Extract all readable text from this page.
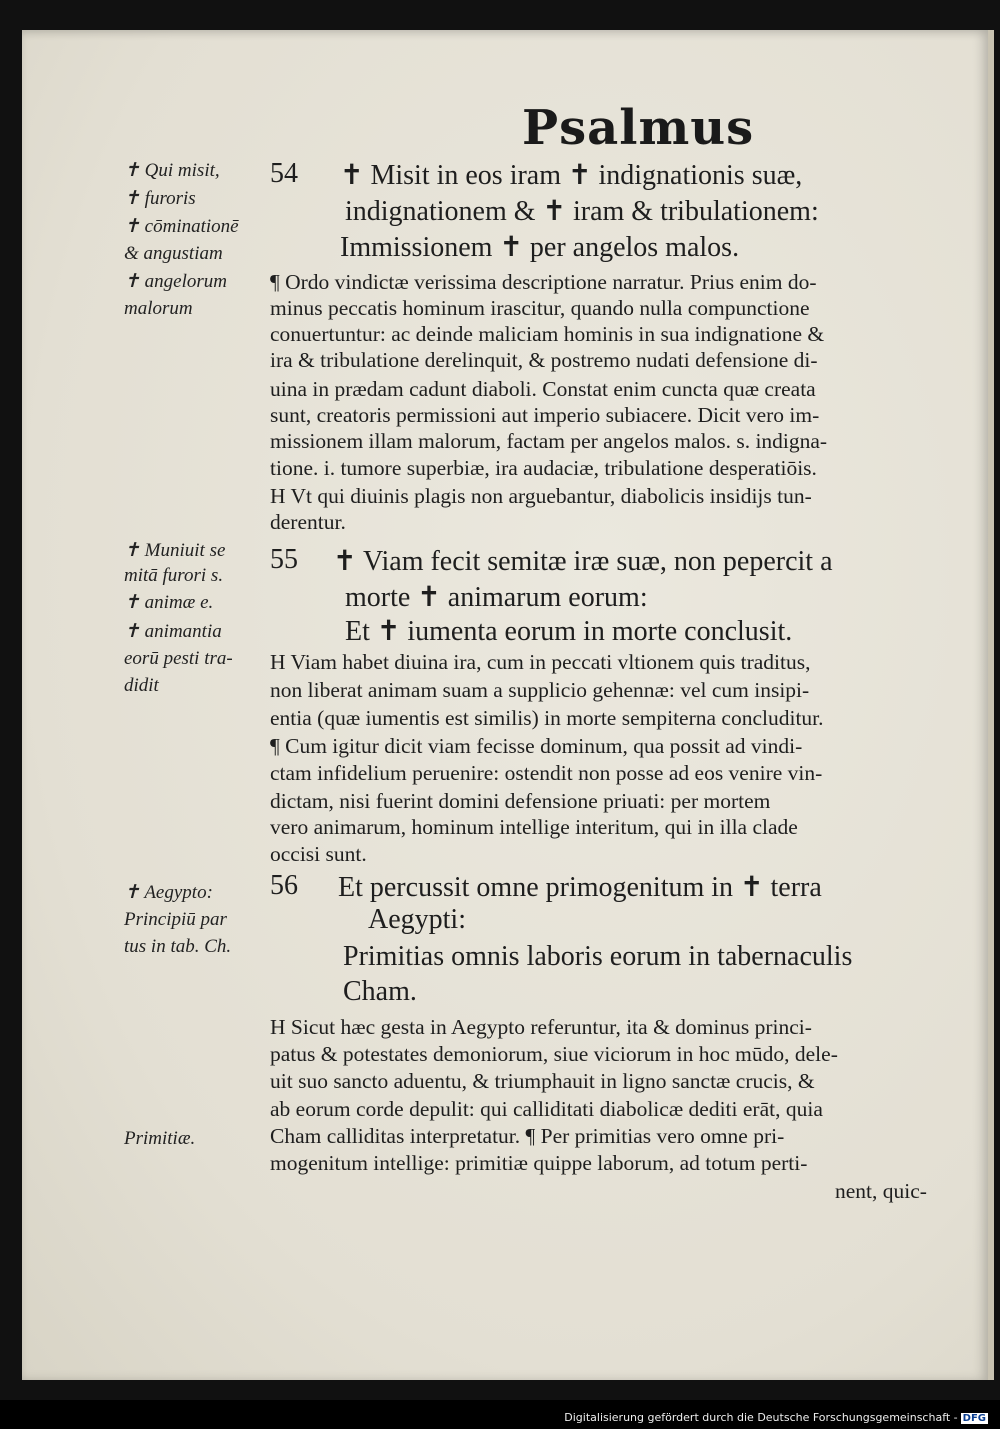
Psalmus
✝ Qui misit,
✝ furoris
✝ cōminationē
& angustiam
✝ angelorum
malorum
✝ Muniuit se
mitā furori s.
✝ animæ e.
✝ animantia
eorū pesti tra-
didit
✝ Aegypto:
Principiū par
tus in tab. Ch.
Primitiæ.
54 ✝ Misit in eos iram ✝ indignationis suæ,
indignationem & ✝ iram & tribulationem:
Immissionem ✝ per angelos malos.
¶ Ordo vindictæ verissima descriptione narratur. Prius enim do-
minus peccatis hominum irascitur, quando nulla compunctione
conuertuntur: ac deinde maliciam hominis in sua indignatione &
ira & tribulatione derelinquit, & postremo nudati defensione di-
uina in prædam cadunt diaboli. Constat enim cuncta quæ creata
sunt, creatoris permissioni aut imperio subiacere. Dicit vero im-
missionem illam malorum, factam per angelos malos. s. indigna-
tione. i. tumore superbiæ, ira audaciæ, tribulatione desperatiōis.
H Vt qui diuinis plagis non arguebantur, diabolicis insidijs tun-
derentur.
55 ✝ Viam fecit semitæ iræ suæ, non pepercit a
morte ✝ animarum eorum:
Et ✝ iumenta eorum in morte conclusit.
H Viam habet diuina ira, cum in peccati vltionem quis traditus,
non liberat animam suam a supplicio gehennæ: vel cum insipi-
entia (quæ iumentis est similis) in morte sempiterna concluditur.
¶ Cum igitur dicit viam fecisse dominum, qua possit ad vindi-
ctam infidelium peruenire: ostendit non posse ad eos venire vin-
dictam, nisi fuerint domini defensione priuati: per mortem
vero animarum, hominum intellige interitum, qui in illa clade
occisi sunt.
56 Et percussit omne primogenitum in ✝ terra
Aegypti:
Primitias omnis laboris eorum in tabernaculis
Cham.
H Sicut hæc gesta in Aegypto referuntur, ita & dominus princi-
patus & potestates demoniorum, siue viciorum in hoc mūdo, dele-
uit suo sancto aduentu, & triumphauit in ligno sanctæ crucis, &
ab eorum corde depulit: qui calliditati diabolicæ dediti erāt, quia
Cham calliditas interpretatur. ¶ Per primitias vero omne pri-
mogenitum intellige: primitiæ quippe laborum, ad totum perti-
nent, quic-
Digitalisierung gefördert durch die Deutsche Forschungsgemeinschaft - DFG
